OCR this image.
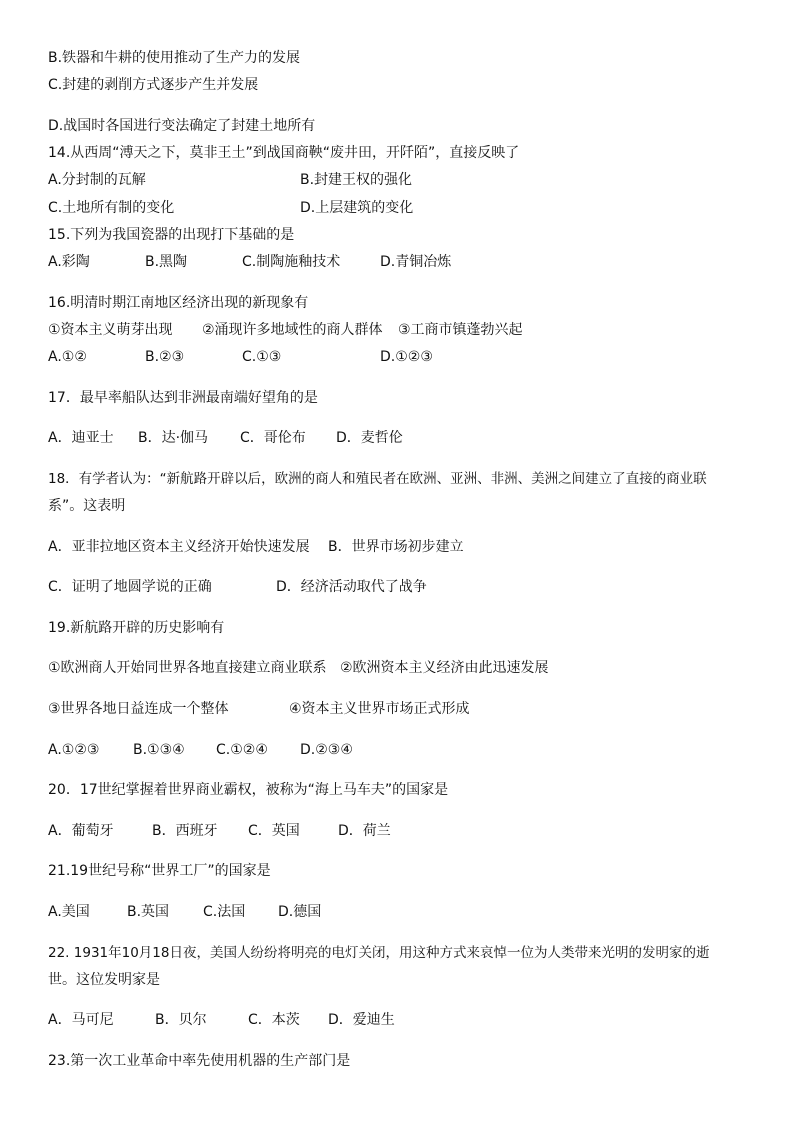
B.铁器和牛耕的使用推动了生产力的发展
C.封建的剥削方式逐步产生并发展
D.战国时各国进行变法确定了封建土地所有
14.从西周“溥天之下，莫非王土”到战国商鞅“废井田，开阡陌”，直接反映了
A.分封制的瓦解	B.封建王权的强化
C.土地所有制的变化	D.上层建筑的变化
15.下列为我国瓷器的出现打下基础的是
A.彩陶	B.黑陶	C.制陶施釉技术	D.青铜冶炼
16.明清时期江南地区经济出现的新现象有
①资本主义萌芽出现 ②涌现许多地域性的商人群体 ③工商市镇蓬勃兴起
A.①②	B.②③	C.①③	D.①②③
17．最早率船队达到非洲最南端好望角的是
A．迪亚士 B．达·伽马 C．哥伦布 D．麦哲伦
18．有学者认为：“新航路开辟以后，欧洲的商人和殖民者在欧洲、亚洲、非洲、美洲之间建立了直接的商业联
系”。这表明
A．亚非拉地区资本主义经济开始快速发展 B．世界市场初步建立
C．证明了地圆学说的正确	D．经济活动取代了战争
19.新航路开辟的历史影响有
①欧洲商人开始同世界各地直接建立商业联系 ②欧洲资本主义经济由此迅速发展
③世界各地日益连成一个整体	④资本主义世界市场正式形成
A.①②③ B.①③④ C.①②④ D.②③④
20．17世纪掌握着世界商业霸权，被称为“海上马车夫”的国家是
A．葡萄牙	B．西班牙 C．英国	D．荷兰
21.19世纪号称“世界工厂”的国家是
A.美国	B.英国 C.法国 D.德国
22. 1931年10月18日夜，美国人纷纷将明亮的电灯关闭，用这种方式来哀悼一位为人类带来光明的发明家的逝
世。这位发明家是
A．马可尼	B．贝尔	C．本茨 D．爱迪生
23.第一次工业革命中率先使用机器的生产部门是
